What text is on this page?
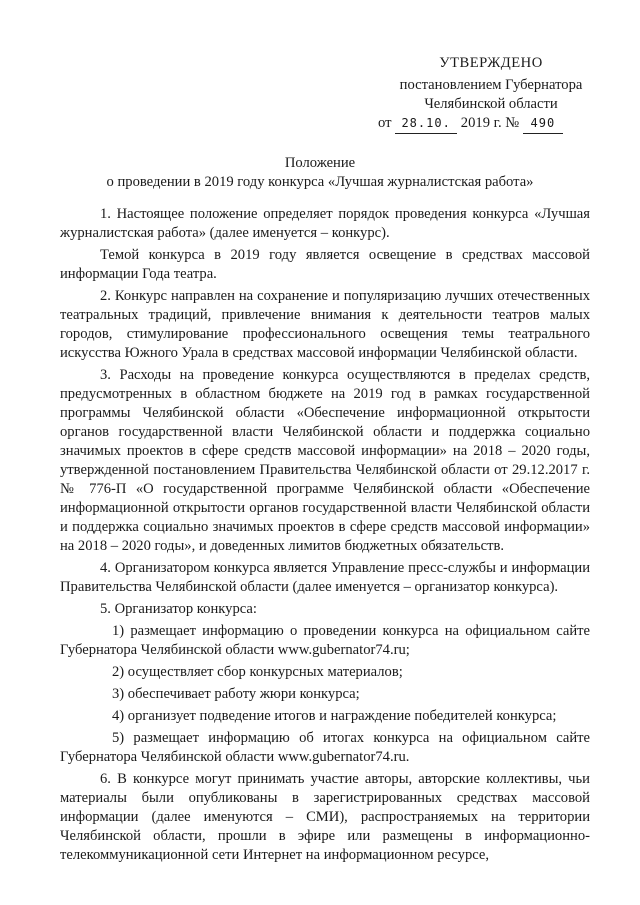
УТВЕРЖДЕНО
постановлением Губернатора
Челябинской области
от 28.10. 2019 г. № 490
Положение
о проведении в 2019 году конкурса «Лучшая журналистская работа»

1. Настоящее положение определяет порядок проведения конкурса «Лучшая журналистская работа» (далее именуется – конкурс).

Темой конкурса в 2019 году является освещение в средствах массовой информации Года театра.

2. Конкурс направлен на сохранение и популяризацию лучших отечественных театральных традиций, привлечение внимания к деятельности театров малых городов, стимулирование профессионального освещения темы театрального искусства Южного Урала в средствах массовой информации Челябинской области.

3. Расходы на проведение конкурса осуществляются в пределах средств, предусмотренных в областном бюджете на 2019 год в рамках государственной программы Челябинской области «Обеспечение информационной открытости органов государственной власти Челябинской области и поддержка социально значимых проектов в сфере средств массовой информации» на 2018 – 2020 годы, утвержденной постановлением Правительства Челябинской области от 29.12.2017 г. № 776-П «О государственной программе Челябинской области «Обеспечение информационной открытости органов государственной власти Челябинской области и поддержка социально значимых проектов в сфере средств массовой информации» на 2018 – 2020 годы», и доведенных лимитов бюджетных обязательств.

4. Организатором конкурса является Управление пресс-службы и информации Правительства Челябинской области (далее именуется – организатор конкурса).

5. Организатор конкурса:

1) размещает информацию о проведении конкурса на официальном сайте Губернатора Челябинской области www.gubernator74.ru;

2) осуществляет сбор конкурсных материалов;

3) обеспечивает работу жюри конкурса;

4) организует подведение итогов и награждение победителей конкурса;

5) размещает информацию об итогах конкурса на официальном сайте Губернатора Челябинской области www.gubernator74.ru.

6. В конкурсе могут принимать участие авторы, авторские коллективы, чьи материалы были опубликованы в зарегистрированных средствах массовой информации (далее именуются – СМИ), распространяемых на территории Челябинской области, прошли в эфире или размещены в информационно-телекоммуникационной сети Интернет на информационном ресурсе,
